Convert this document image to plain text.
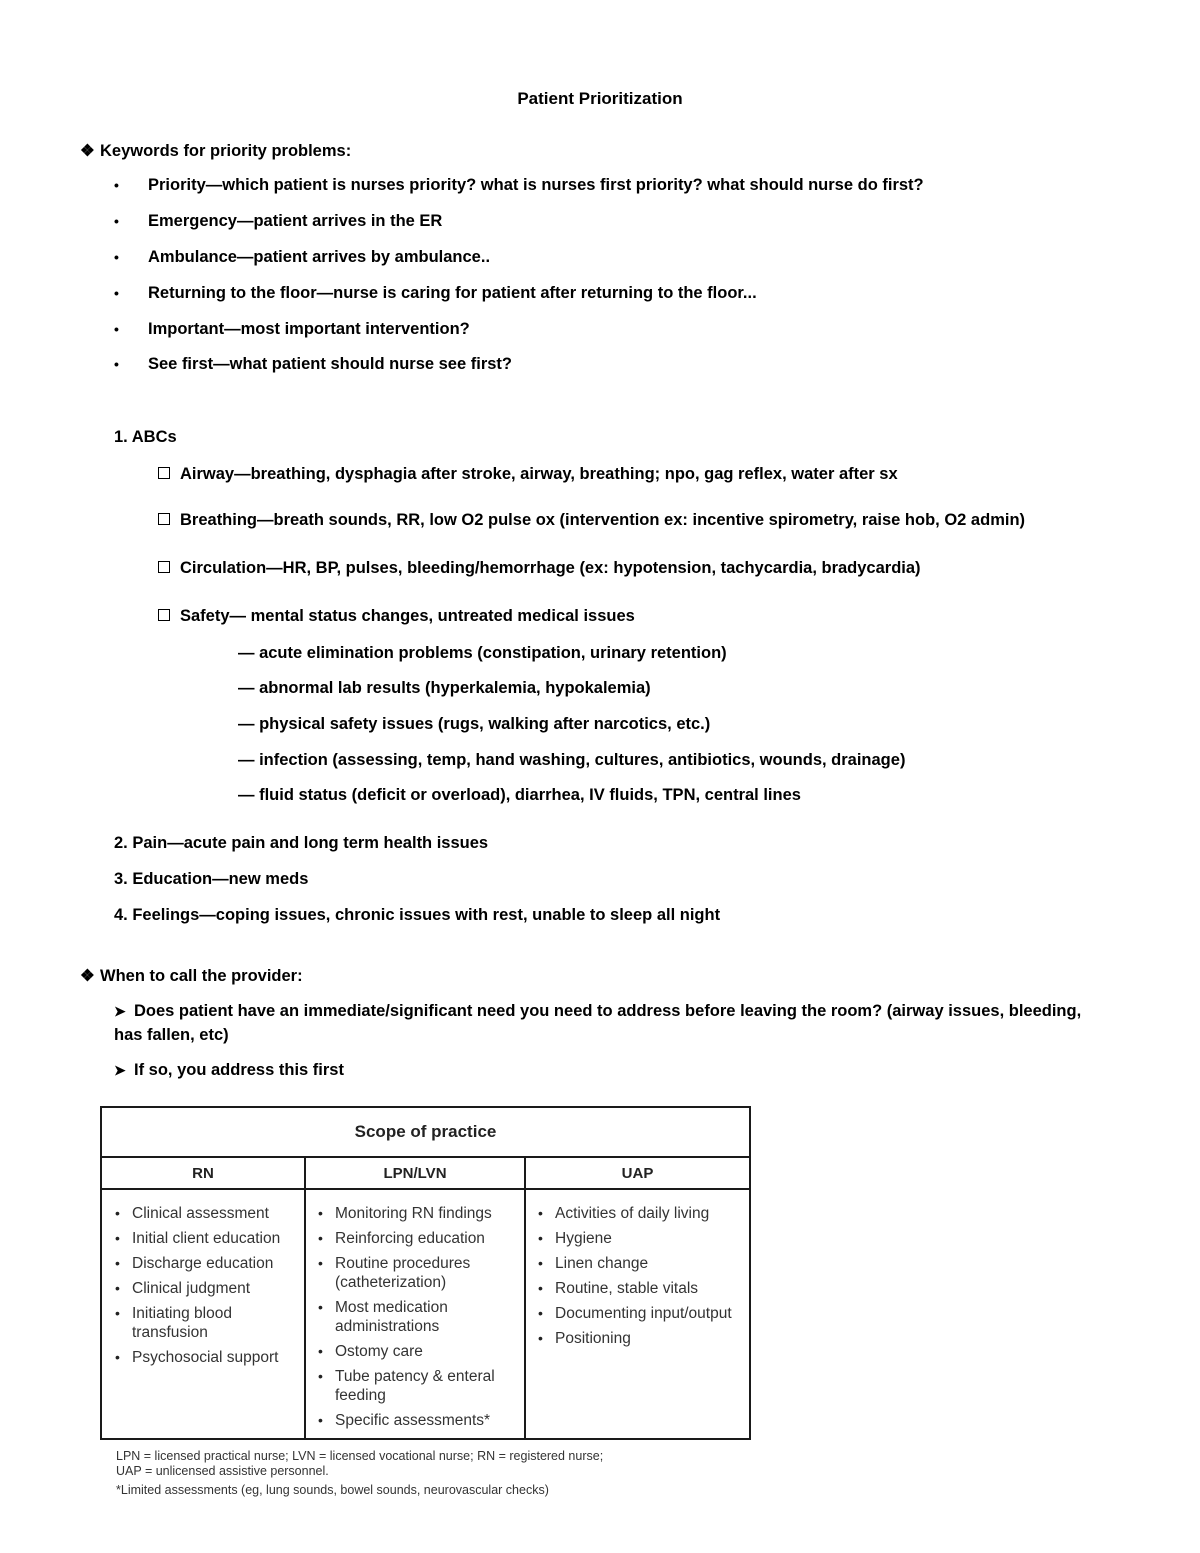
Patient Prioritization
❖ Keywords for priority problems:
• Priority—which patient is nurses priority? what is nurses first priority? what should nurse do first?
• Emergency—patient arrives in the ER
• Ambulance—patient arrives by ambulance..
• Returning to the floor—nurse is caring for patient after returning to the floor...
• Important—most important intervention?
• See first—what patient should nurse see first?
1. ABCs
Airway—breathing, dysphagia after stroke, airway, breathing; npo, gag reflex, water after sx
Breathing—breath sounds, RR, low O2 pulse ox (intervention ex: incentive spirometry, raise hob, O2 admin)
Circulation—HR, BP, pulses, bleeding/hemorrhage (ex: hypotension, tachycardia, bradycardia)
Safety— mental status changes, untreated medical issues
— acute elimination problems (constipation, urinary retention)
— abnormal lab results (hyperkalemia, hypokalemia)
— physical safety issues (rugs, walking after narcotics, etc.)
— infection (assessing, temp, hand washing, cultures, antibiotics, wounds, drainage)
— fluid status (deficit or overload), diarrhea, IV fluids, TPN, central lines
2. Pain—acute pain and long term health issues
3. Education—new meds
4. Feelings—coping issues, chronic issues with rest, unable to sleep all night
❖ When to call the provider:
➤ Does patient have an immediate/significant need you need to address before leaving the room? (airway issues, bleeding, has fallen, etc)
➤ If so, you address this first
Scope of practice
RN	LPN/LVN	UAP
• Clinical assessment
• Initial client education
• Discharge education
• Clinical judgment
• Initiating blood transfusion
• Psychosocial support
• Monitoring RN findings
• Reinforcing education
• Routine procedures (catheterization)
• Most medication administrations
• Ostomy care
• Tube patency & enteral feeding
• Specific assessments*
• Activities of daily living
• Hygiene
• Linen change
• Routine, stable vitals
• Documenting input/output
• Positioning
LPN = licensed practical nurse; LVN = licensed vocational nurse; RN = registered nurse;
UAP = unlicensed assistive personnel.
*Limited assessments (eg, lung sounds, bowel sounds, neurovascular checks)
